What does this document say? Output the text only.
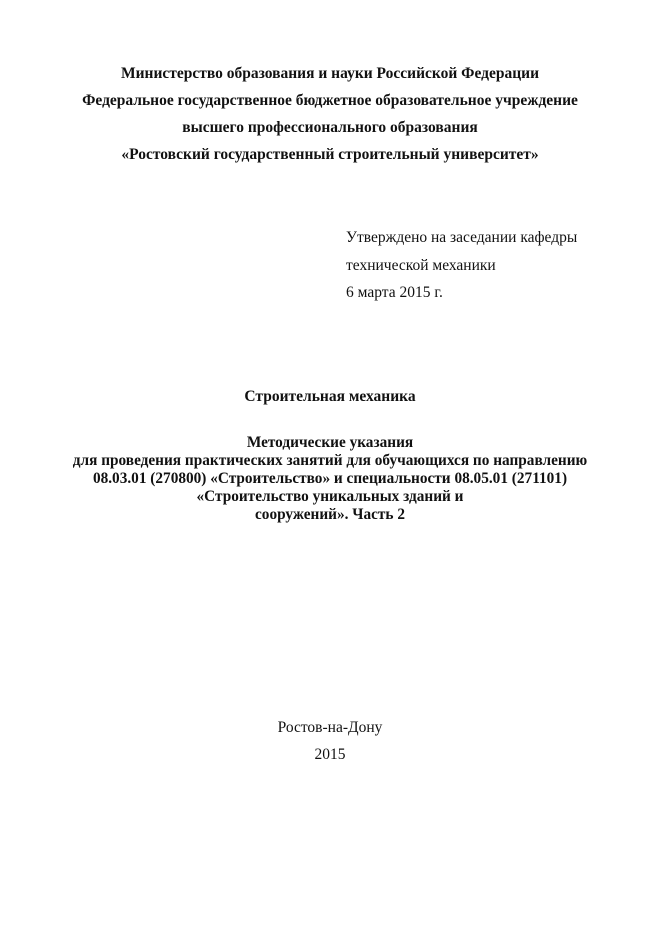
Министерство образования и науки Российской Федерации
Федеральное государственное бюджетное образовательное учреждение
высшего профессионального образования
«Ростовский государственный строительный университет»
Утверждено на заседании кафедры
технической механики
6 марта 2015 г.
Строительная механика
Методические указания
для проведения практических занятий для обучающихся по направлению
08.03.01 (270800) «Строительство» и специальности 08.05.01 (271101)
«Строительство уникальных зданий и
сооружений». Часть 2
Ростов-на-Дону
2015
